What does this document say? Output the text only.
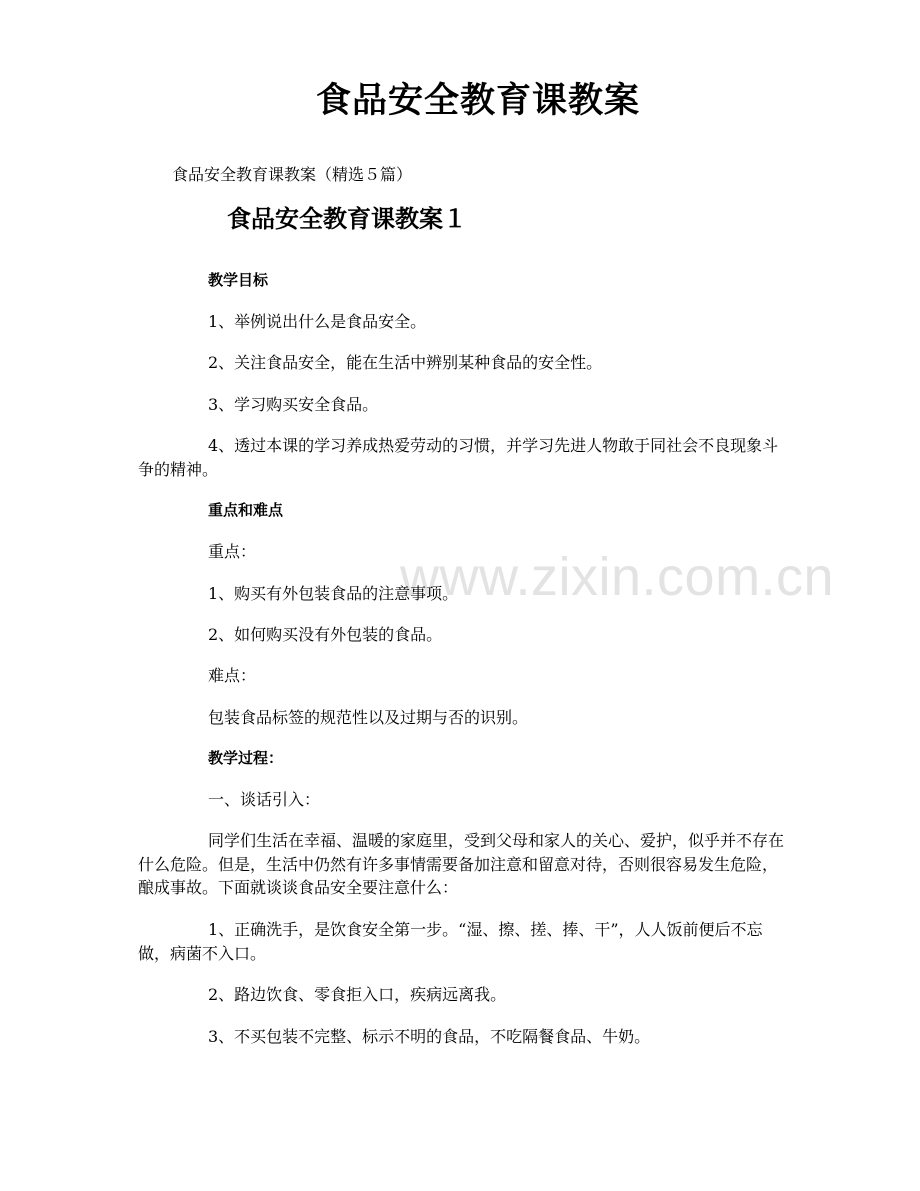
www.zixin.com.cn
食品安全教育课教案
食品安全教育课教案（精选５篇）
食品安全教育课教案１

教学目标

1、举例说出什么是食品安全。

2、关注食品安全，能在生活中辨别某种食品的安全性。

3、学习购买安全食品。

4、透过本课的学习养成热爱劳动的习惯，并学习先进人物敢于同社会不良现象斗争的精神。

重点和难点

重点：

1、购买有外包装食品的注意事项。

2、如何购买没有外包装的食品。

难点：

包装食品标签的规范性以及过期与否的识别。

教学过程：

一、谈话引入：

同学们生活在幸福、温暖的家庭里，受到父母和家人的关心、爱护，似乎并不存在什么危险。但是，生活中仍然有许多事情需要备加注意和留意对待，否则很容易发生危险，酿成事故。下面就谈谈食品安全要注意什么：

1、正确洗手，是饮食安全第一步。“湿、擦、搓、捧、干”，人人饭前便后不忘做，病菌不入口。

2、路边饮食、零食拒入口，疾病远离我。

3、不买包装不完整、标示不明的食品，不吃隔餐食品、牛奶。
